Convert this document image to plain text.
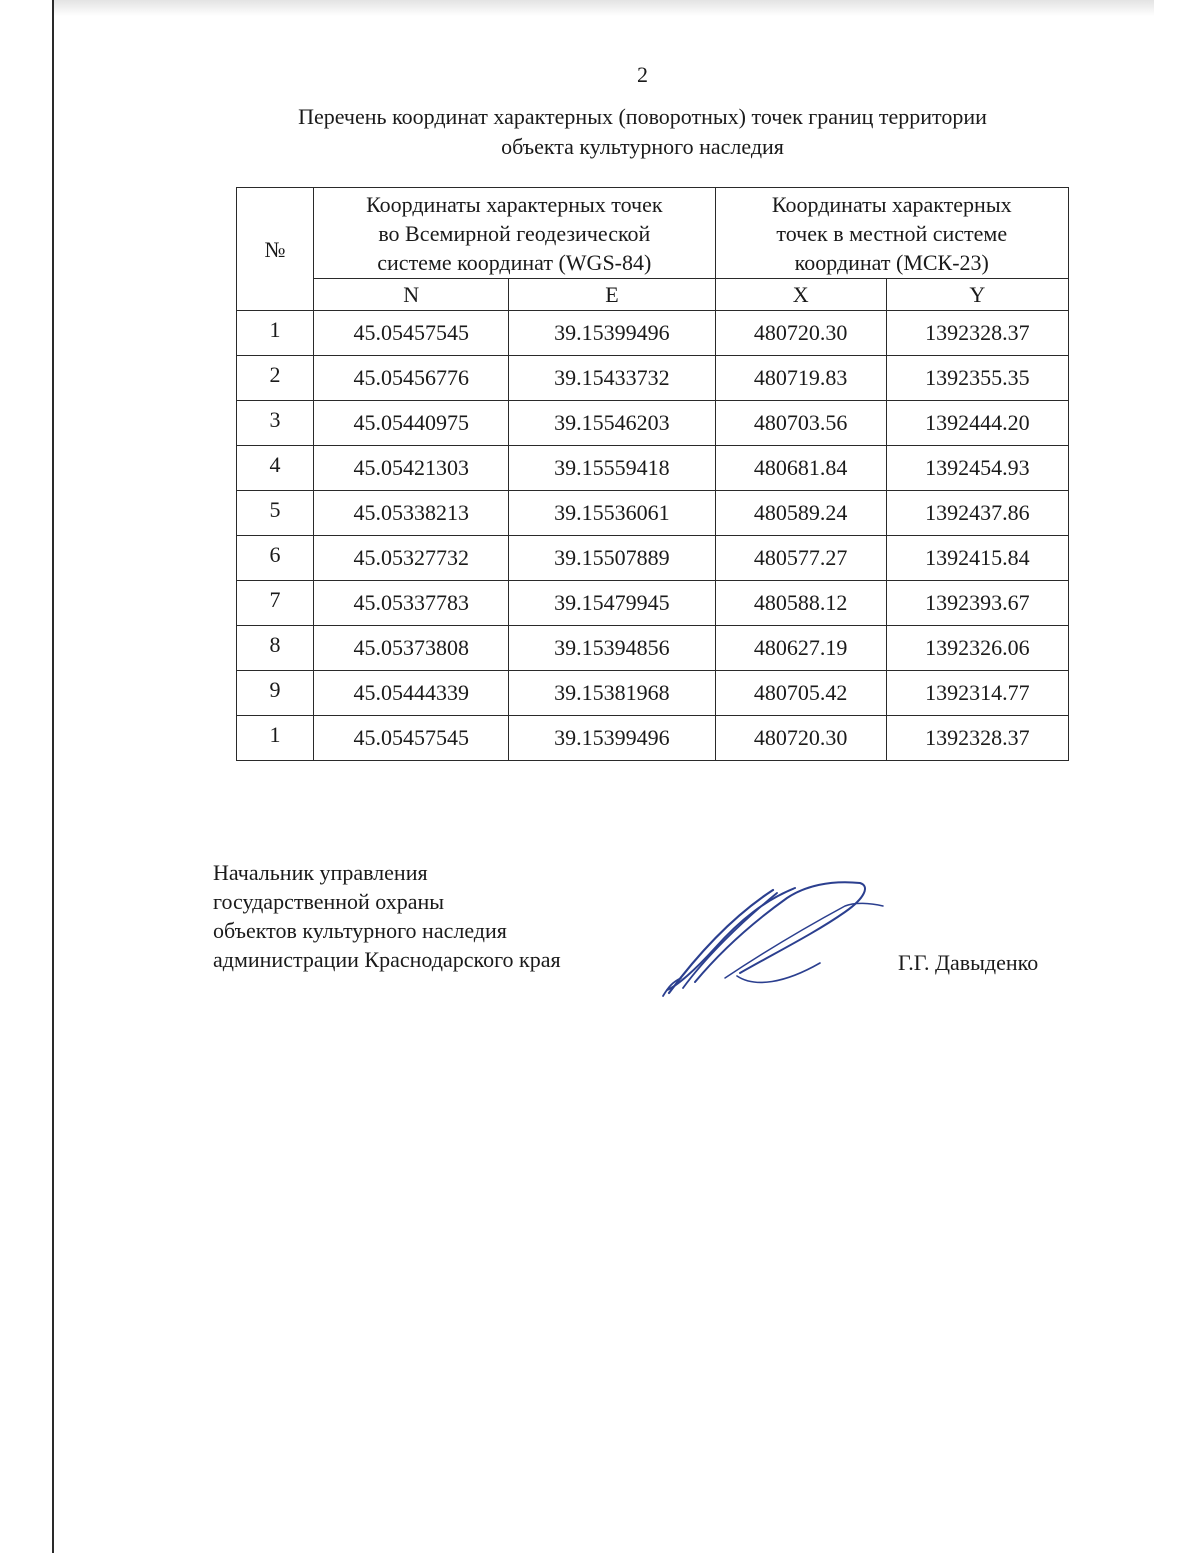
2
Перечень координат характерных (поворотных) точек границ территории
объекта культурного наследия
№	Координаты характерных точек
во Всемирной геодезической
системе координат (WGS-84)		Координаты характерных
точек в местной системе
координат (МСК-23)	

	N	E	X	Y
1	45.05457545	39.15399496	480720.30	1392328.37
2	45.05456776	39.15433732	480719.83	1392355.35
3	45.05440975	39.15546203	480703.56	1392444.20
4	45.05421303	39.15559418	480681.84	1392454.93
5	45.05338213	39.15536061	480589.24	1392437.86
6	45.05327732	39.15507889	480577.27	1392415.84
7	45.05337783	39.15479945	480588.12	1392393.67
8	45.05373808	39.15394856	480627.19	1392326.06
9	45.05444339	39.15381968	480705.42	1392314.77
1	45.05457545	39.15399496	480720.30	1392328.37
Начальник управления
государственной охраны
объектов культурного наследия
администрации Краснодарского края	Г.Г. Давыденко
